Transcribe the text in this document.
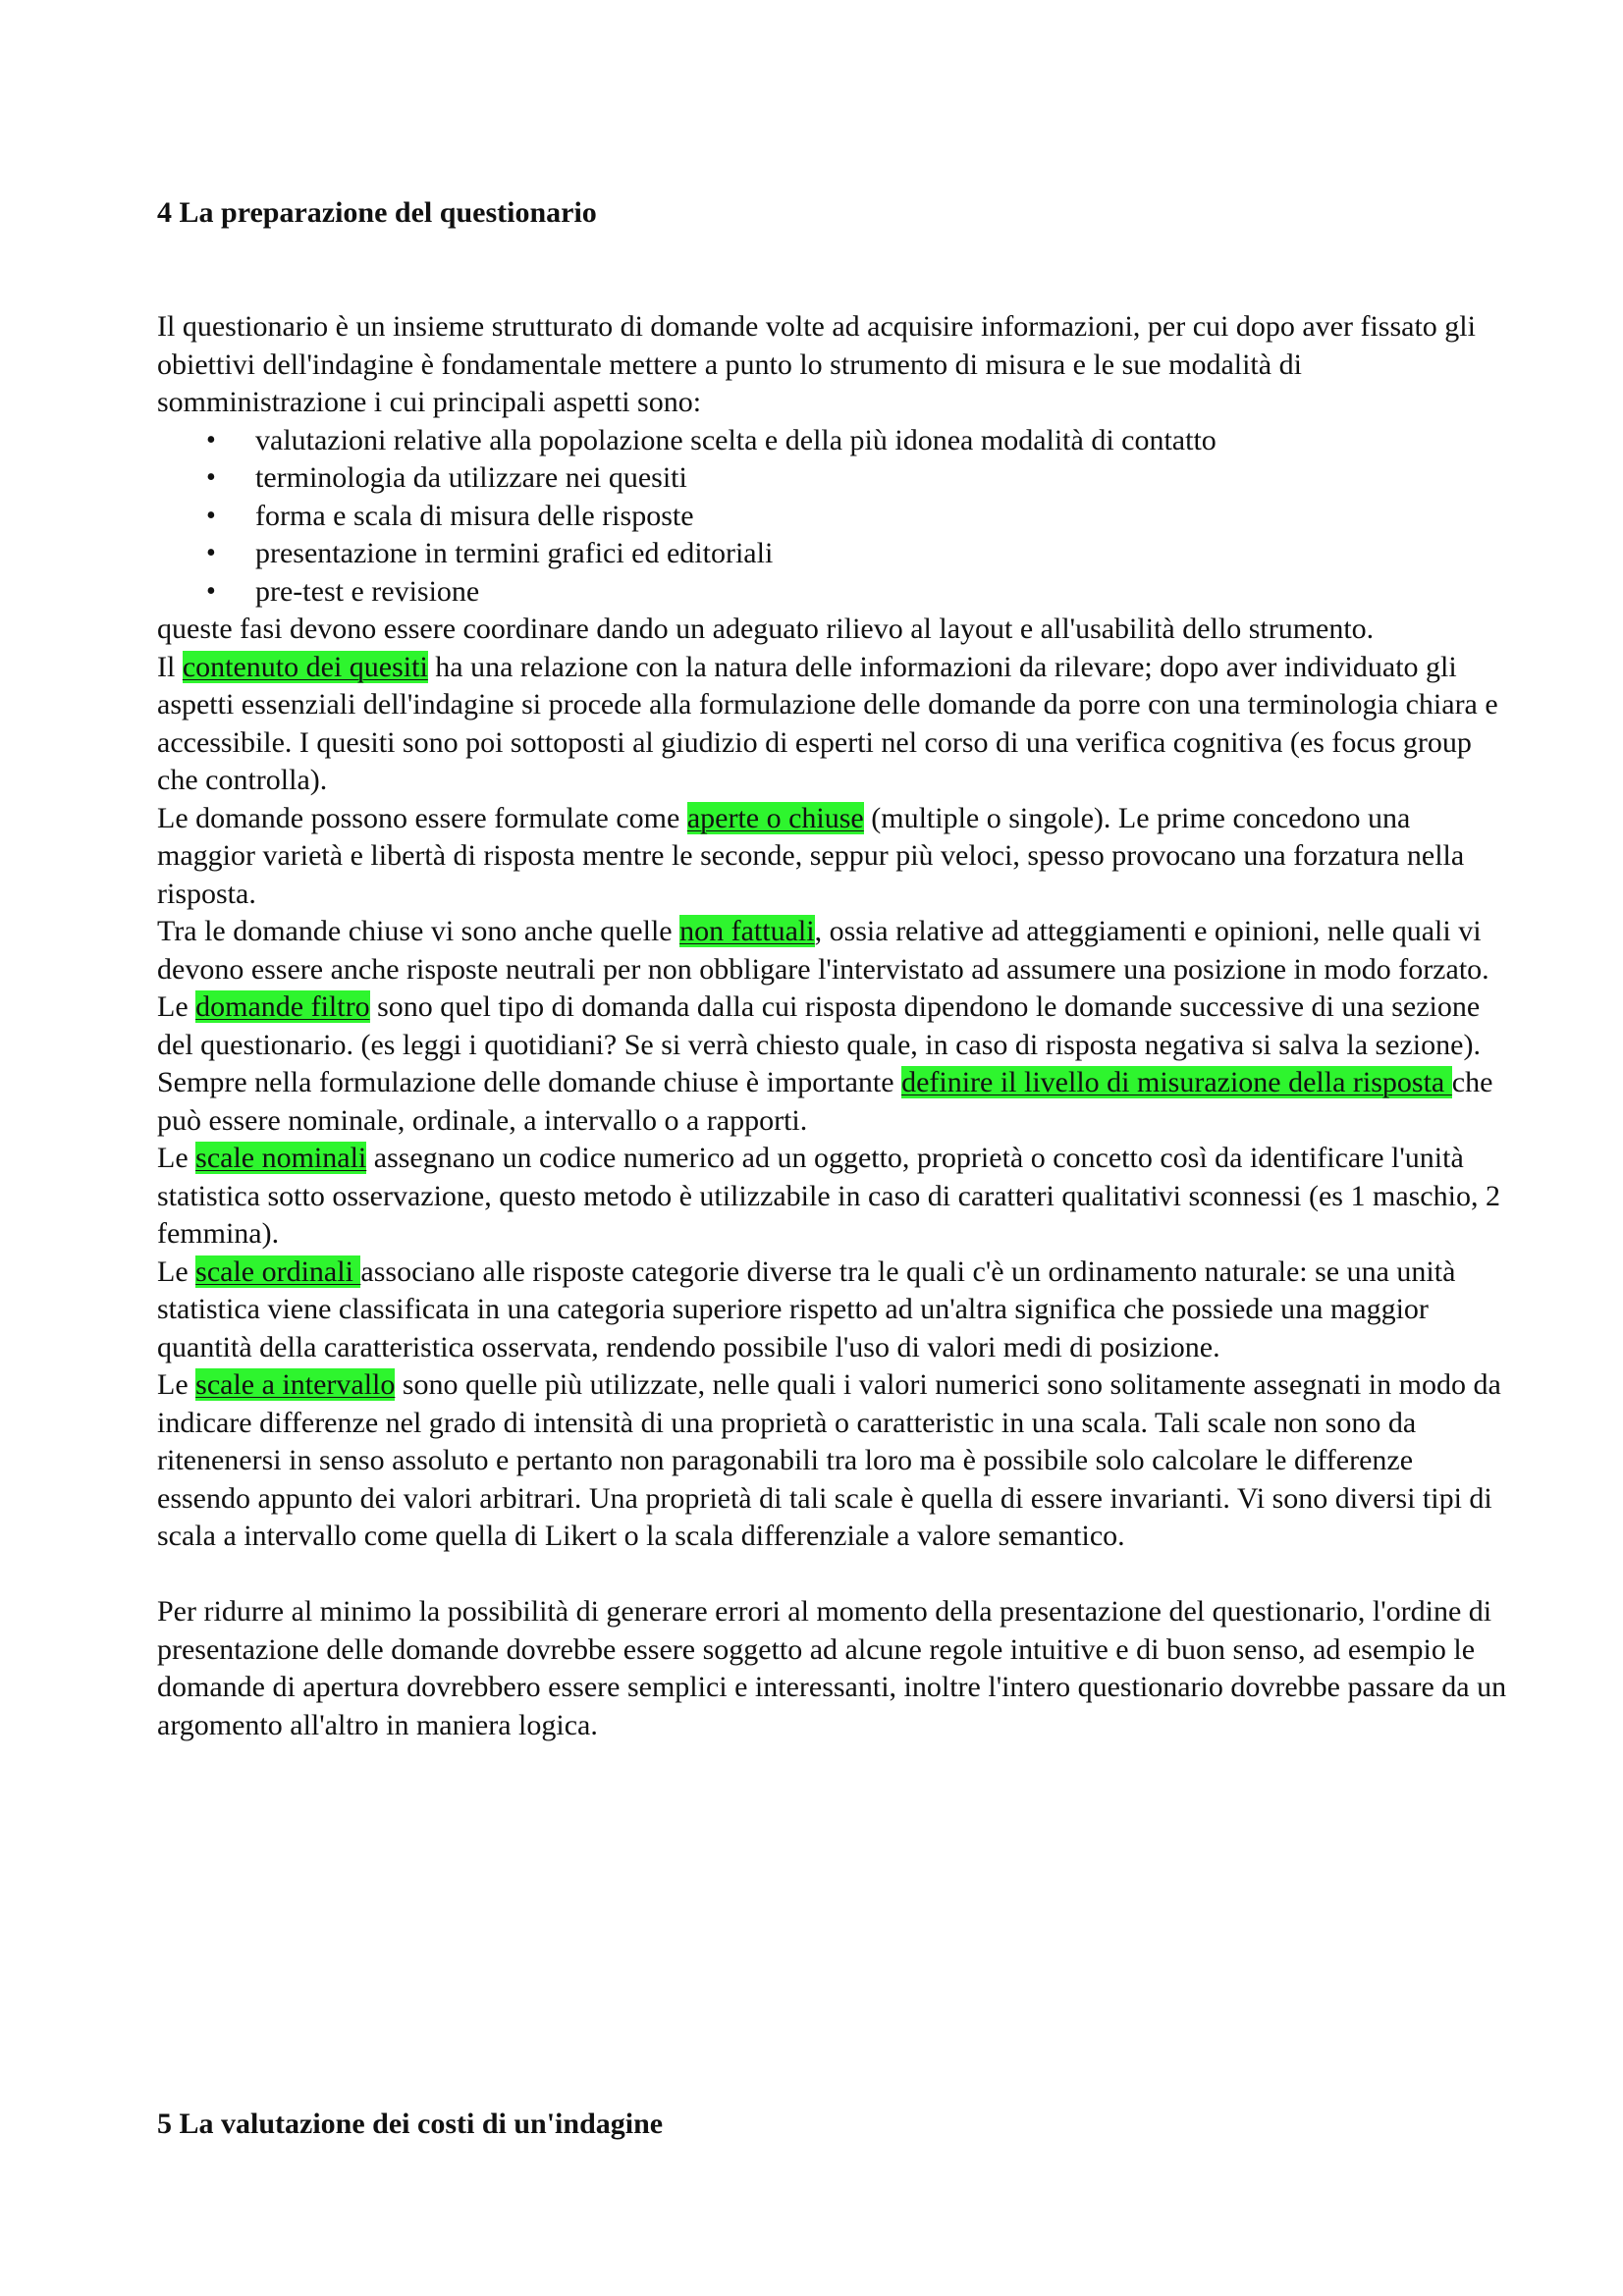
4 La preparazione del questionario

Il questionario è un insieme strutturato di domande volte ad acquisire informazioni, per cui dopo aver fissato gli obiettivi dell'indagine è fondamentale mettere a punto lo strumento di misura e le sue modalità di somministrazione i cui principali aspetti sono:

• valutazioni relative alla popolazione scelta e della più idonea modalità di contatto
• terminologia da utilizzare nei quesiti
• forma e scala di misura delle risposte
• presentazione in termini grafici ed editoriali
• pre-test e revisione

queste fasi devono essere coordinare dando un adeguato rilievo al layout e all'usabilità dello strumento.

Il contenuto dei quesiti ha una relazione con la natura delle informazioni da rilevare; dopo aver individuato gli aspetti essenziali dell'indagine si procede alla formulazione delle domande da porre con una terminologia chiara e accessibile. I quesiti sono poi sottoposti al giudizio di esperti nel corso di una verifica cognitiva (es focus group che controlla).

Le domande possono essere formulate come aperte o chiuse (multiple o singole). Le prime concedono una maggior varietà e libertà di risposta mentre le seconde, seppur più veloci, spesso provocano una forzatura nella risposta.

Tra le domande chiuse vi sono anche quelle non fattuali, ossia relative ad atteggiamenti e opinioni, nelle quali vi devono essere anche risposte neutrali per non obbligare l'intervistato ad assumere una posizione in modo forzato.

Le domande filtro sono quel tipo di domanda dalla cui risposta dipendono le domande successive di una sezione del questionario. (es leggi i quotidiani? Se si verrà chiesto quale, in caso di risposta negativa si salva la sezione).

Sempre nella formulazione delle domande chiuse è importante definire il livello di misurazione della risposta che può essere nominale, ordinale, a intervallo o a rapporti.

Le scale nominali assegnano un codice numerico ad un oggetto, proprietà o concetto così da identificare l'unità statistica sotto osservazione, questo metodo è utilizzabile in caso di caratteri qualitativi sconnessi (es 1 maschio, 2 femmina).

Le scale ordinali associano alle risposte categorie diverse tra le quali c'è un ordinamento naturale: se una unità statistica viene classificata in una categoria superiore rispetto ad un'altra significa che possiede una maggior quantità della caratteristica osservata, rendendo possibile l'uso di valori medi di posizione.

Le scale a intervallo sono quelle più utilizzate, nelle quali i valori numerici sono solitamente assegnati in modo da indicare differenze nel grado di intensità di una proprietà o caratteristic in una scala. Tali scale non sono da ritenenersi in senso assoluto e pertanto non paragonabili tra loro ma è possibile solo calcolare le differenze essendo appunto dei valori arbitrari. Una proprietà di tali scale è quella di essere invarianti. Vi sono diversi tipi di scala a intervallo come quella di Likert o la scala differenziale a valore semantico.

Per ridurre al minimo la possibilità di generare errori al momento della presentazione del questionario, l'ordine di presentazione delle domande dovrebbe essere soggetto ad alcune regole intuitive e di buon senso, ad esempio le domande di apertura dovrebbero essere semplici e interessanti, inoltre l'intero questionario dovrebbe passare da un argomento all'altro in maniera logica.

5 La valutazione dei costi di un'indagine
